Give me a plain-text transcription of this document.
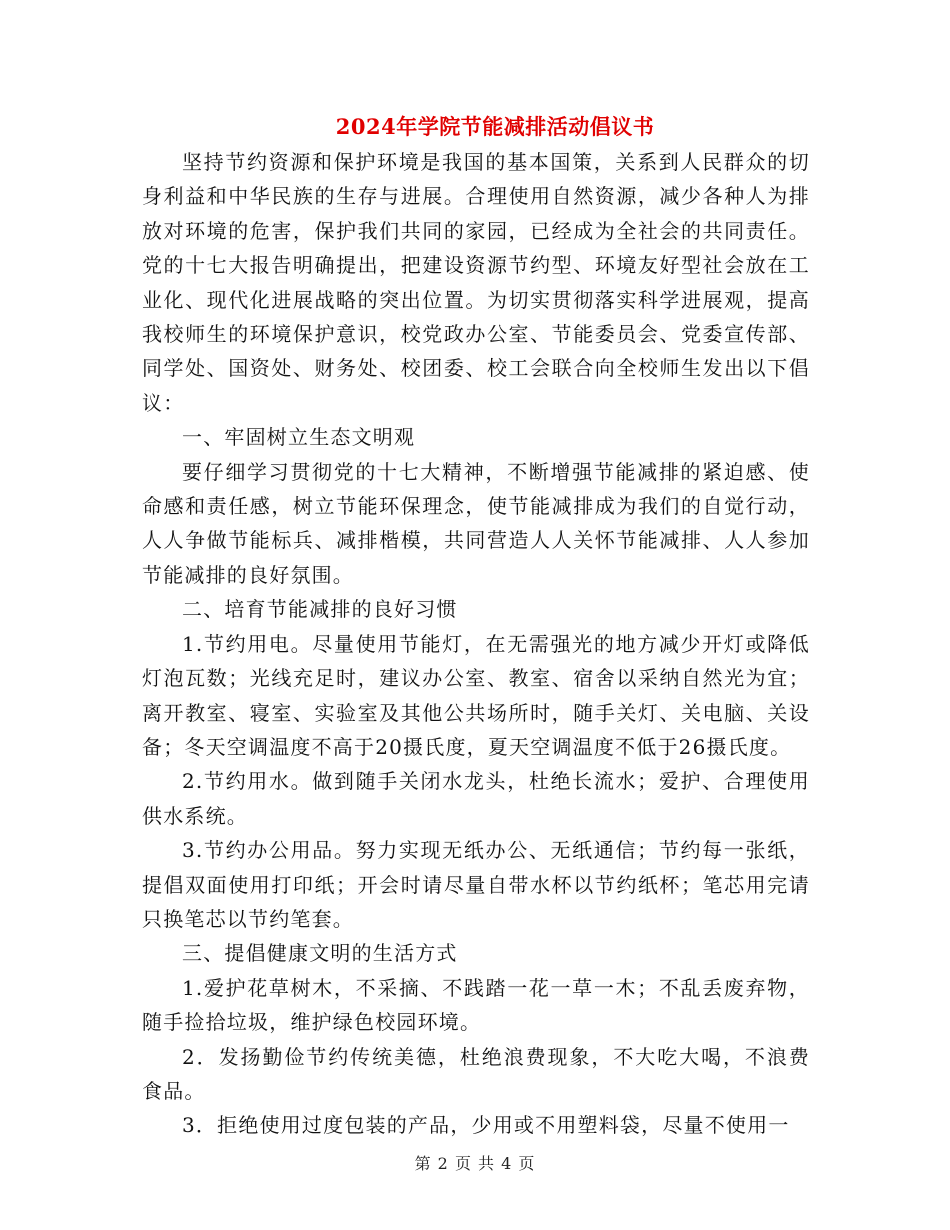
2024年学院节能减排活动倡议书

坚持节约资源和保护环境是我国的基本国策，关系到人民群众的切身利益和中华民族的生存与进展。合理使用自然资源，减少各种人为排放对环境的危害，保护我们共同的家园，已经成为全社会的共同责任。党的十七大报告明确提出，把建设资源节约型、环境友好型社会放在工业化、现代化进展战略的突出位置。为切实贯彻落实科学进展观，提高我校师生的环境保护意识，校党政办公室、节能委员会、党委宣传部、同学处、国资处、财务处、校团委、校工会联合向全校师生发出以下倡议：

一、牢固树立生态文明观

要仔细学习贯彻党的十七大精神，不断增强节能减排的紧迫感、使命感和责任感，树立节能环保理念，使节能减排成为我们的自觉行动，人人争做节能标兵、减排楷模，共同营造人人关怀节能减排、人人参加节能减排的良好氛围。

二、培育节能减排的良好习惯

1.节约用电。尽量使用节能灯，在无需强光的地方减少开灯或降低灯泡瓦数；光线充足时，建议办公室、教室、宿舍以采纳自然光为宜；离开教室、寝室、实验室及其他公共场所时，随手关灯、关电脑、关设备；冬天空调温度不高于20摄氏度，夏天空调温度不低于26摄氏度。

2.节约用水。做到随手关闭水龙头，杜绝长流水；爱护、合理使用供水系统。

3.节约办公用品。努力实现无纸办公、无纸通信；节约每一张纸，提倡双面使用打印纸；开会时请尽量自带水杯以节约纸杯；笔芯用完请只换笔芯以节约笔套。

三、提倡健康文明的生活方式

1.爱护花草树木，不采摘、不践踏一花一草一木；不乱丢废弃物，随手捡拾垃圾，维护绿色校园环境。

2．发扬勤俭节约传统美德，杜绝浪费现象，不大吃大喝，不浪费食品。

3．拒绝使用过度包装的产品，少用或不用塑料袋，尽量不使用一

第 2 页 共 4 页
